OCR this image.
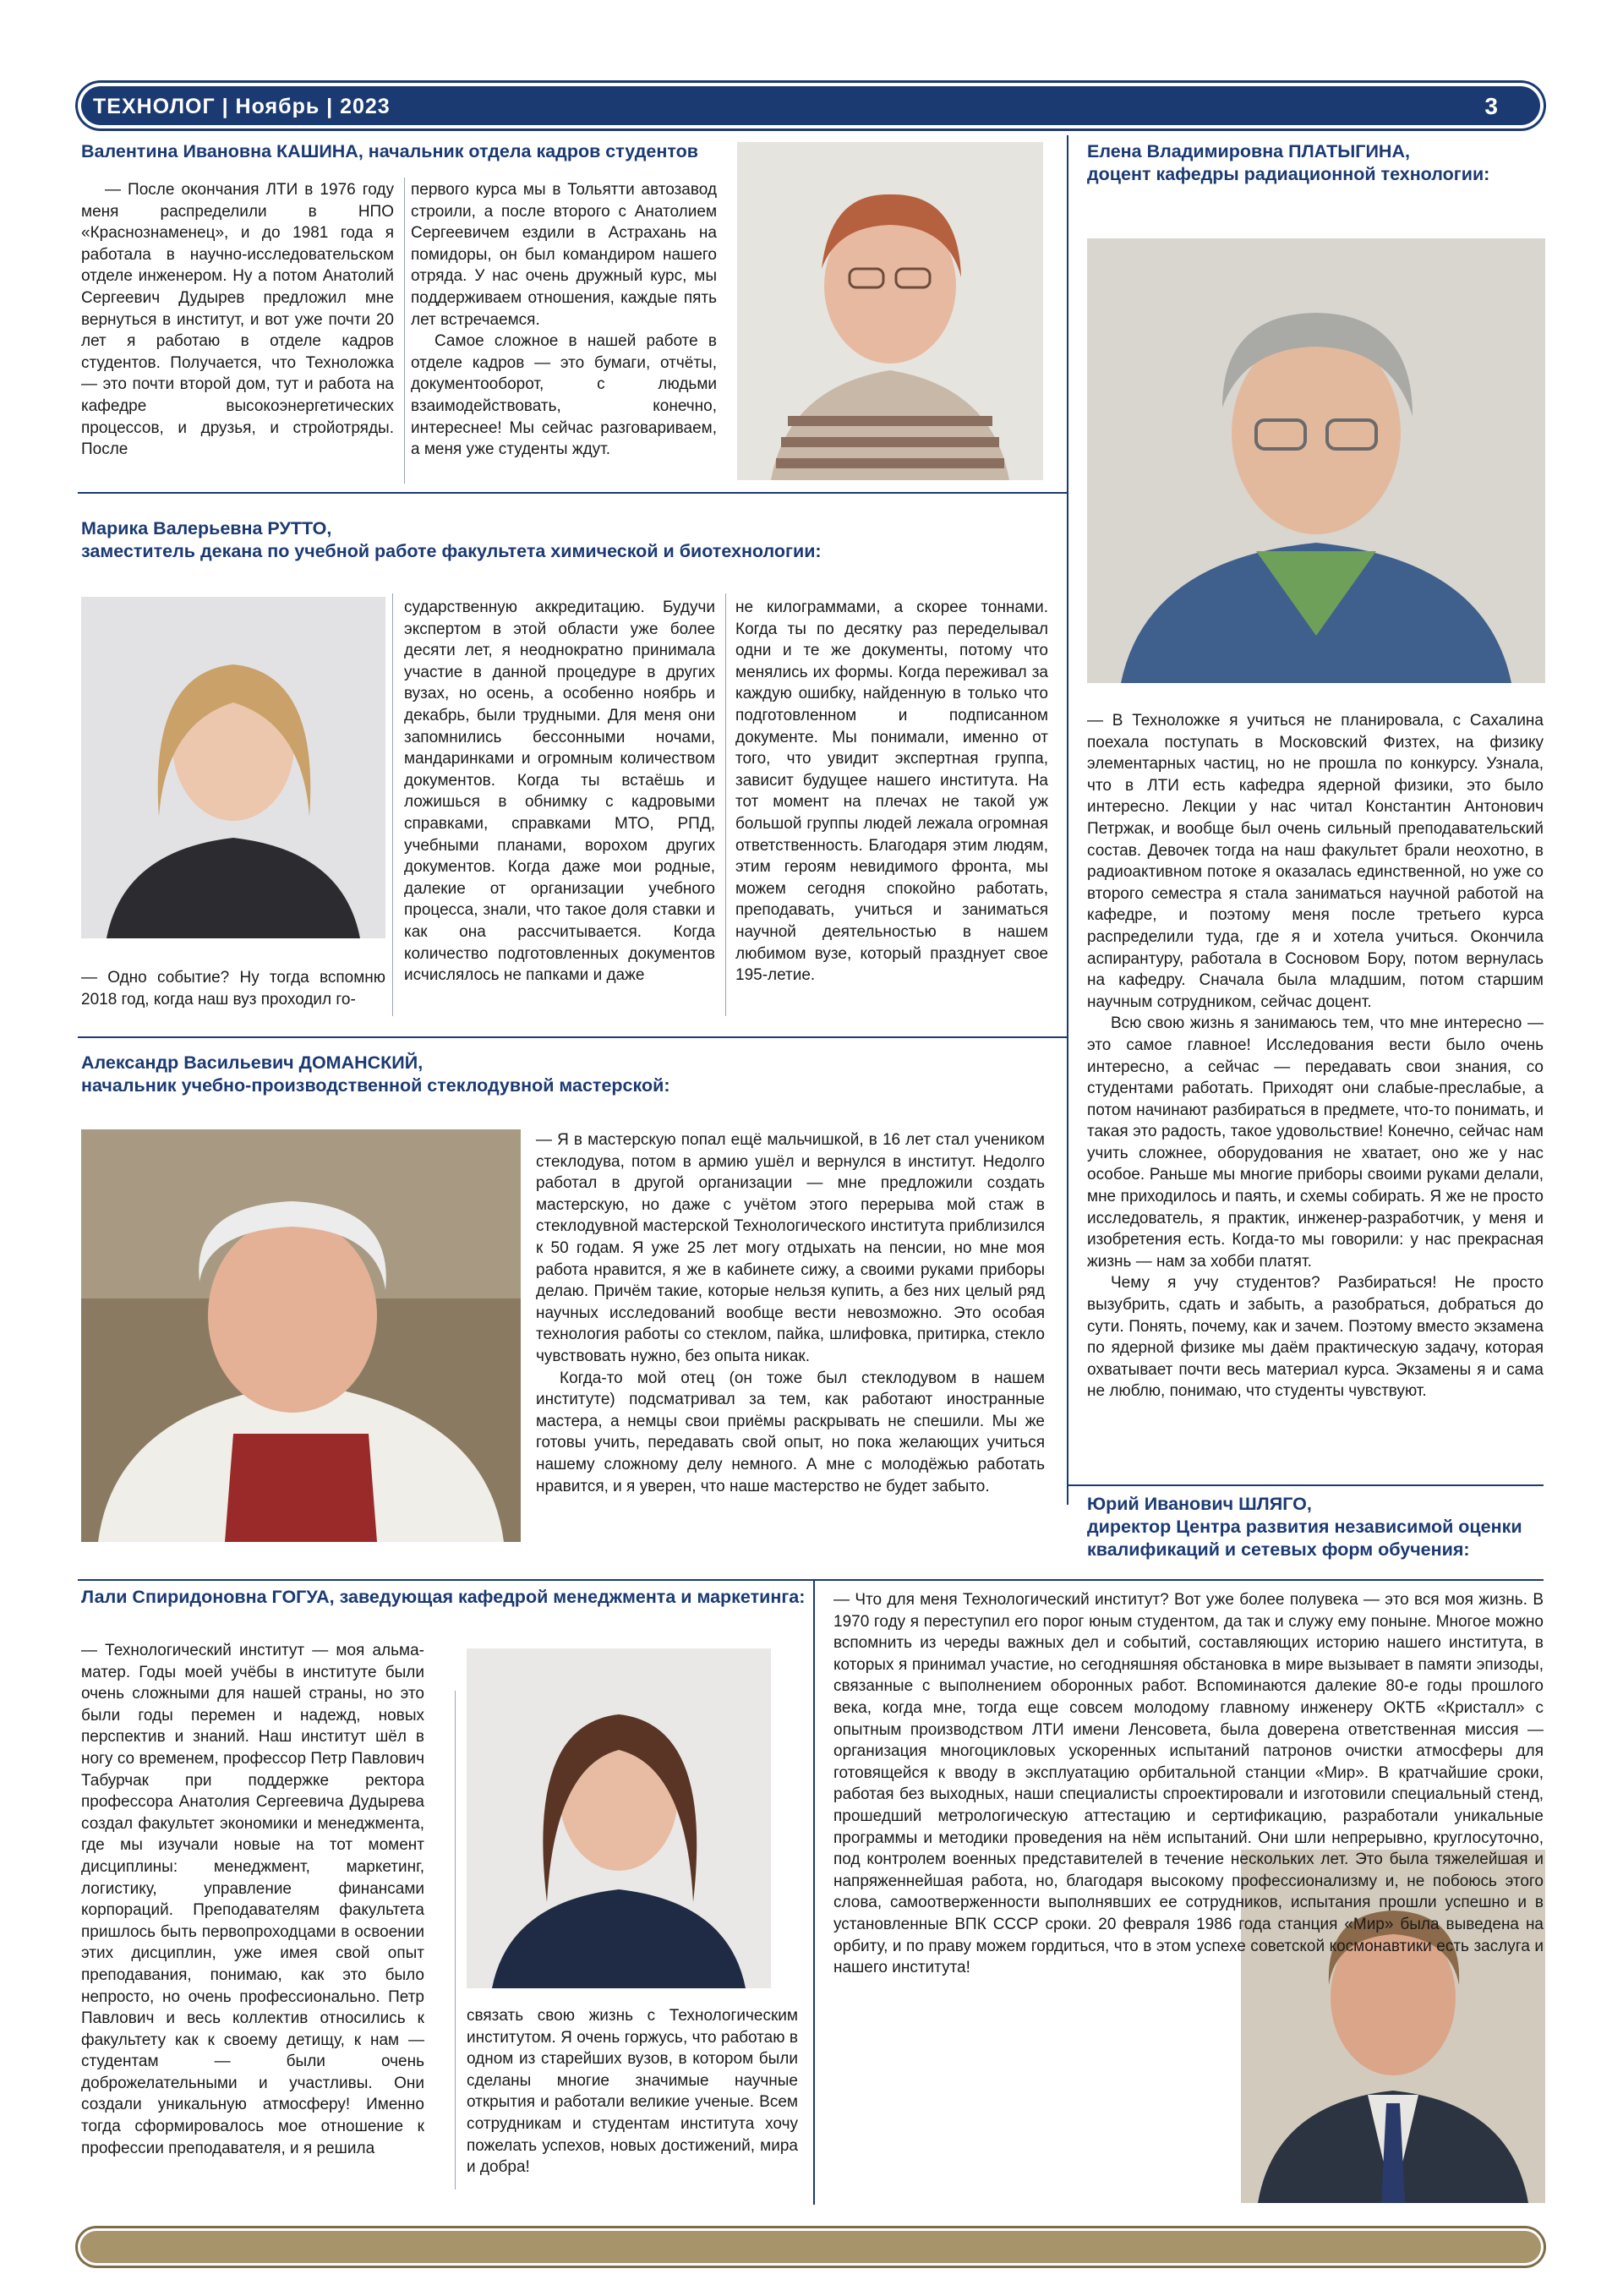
ТЕХНОЛОГ | Ноябрь | 2023	3
Валентина Ивановна КАШИНА, начальник отдела кадров студентов

— После окончания ЛТИ в 1976 году меня распределили в НПО «Краснознаменец», и до 1981 года я работала в научно-исследовательском отделе инженером. Ну а потом Анатолий Сергеевич Дудырев предложил мне вернуться в институт, и вот уже почти 20 лет я работаю в отделе кадров студентов. Получается, что Техноложка — это почти второй дом, тут и работа на кафедре высокоэнергетических процессов, и друзья, и стройотряды. После

первого курса мы в Тольятти автозавод строили, а после второго с Анатолием Сергеевичем ездили в Астрахань на помидоры, он был командиром нашего отряда. У нас очень дружный курс, мы поддерживаем отношения, каждые пять лет встречаемся.

Самое сложное в нашей работе в отделе кадров — это бумаги, отчёты, документооборот, с людьми взаимодействовать, конечно, интереснее! Мы сейчас разговариваем, а меня уже студенты ждут.

Елена Владимировна ПЛАТЫГИНА,
доцент кафедры радиационной технологии:

— В Техноложке я учиться не планировала, с Сахалина поехала поступать в Московский Физтех, на физику элементарных частиц, но не прошла по конкурсу. Узнала, что в ЛТИ есть кафедра ядерной физики, это было интересно. Лекции у нас читал Константин Антонович Петржак, и вообще был очень сильный преподавательский состав. Девочек тогда на наш факультет брали неохотно, в радиоактивном потоке я оказалась единственной, но уже со второго семестра я стала заниматься научной работой на кафедре, и поэтому меня после третьего курса распределили туда, где я и хотела учиться. Окончила аспирантуру, работала в Сосновом Бору, потом вернулась на кафедру. Сначала была младшим, потом старшим научным сотрудником, сейчас доцент.

Всю свою жизнь я занимаюсь тем, что мне интересно — это самое главное! Исследования вести было очень интересно, а сейчас — передавать свои знания, со студентами работать. Приходят они слабые-преслабые, а потом начинают разбираться в предмете, что-то понимать, и такая это радость, такое удовольствие! Конечно, сейчас нам учить сложнее, оборудования не хватает, оно же у нас особое. Раньше мы многие приборы своими руками делали, мне приходилось и паять, и схемы собирать. Я же не просто исследователь, я практик, инженер-разработчик, у меня и изобретения есть. Когда-то мы говорили: у нас прекрасная жизнь — нам за хобби платят.

Чему я учу студентов? Разбираться! Не просто вызубрить, сдать и забыть, а разобраться, добраться до сути. Понять, почему, как и зачем. Поэтому вместо экзамена по ядерной физике мы даём практическую задачу, которая охватывает почти весь материал курса. Экзамены я и сама не люблю, понимаю, что студенты чувствуют.

Марика Валерьевна РУТТО,
заместитель декана по учебной работе факультета химической и биотехнологии:

— Одно событие? Ну тогда вспомню 2018 год, когда наш вуз проходил го-

сударственную аккредитацию. Будучи экспертом в этой области уже более десяти лет, я неоднократно принимала участие в данной процедуре в других вузах, но осень, а особенно ноябрь и декабрь, были трудными. Для меня они запомнились бессонными ночами, мандаринками и огромным количеством документов. Когда ты встаёшь и ложишься в обнимку с кадровыми справками, справками МТО, РПД, учебными планами, ворохом других документов. Когда даже мои родные, далекие от организации учебного процесса, знали, что такое доля ставки и как она рассчитывается. Когда количество подготовленных документов исчислялось не папками и даже

не килограммами, а скорее тоннами. Когда ты по десятку раз переделывал одни и те же документы, потому что менялись их формы. Когда переживал за каждую ошибку, найденную в только что подготовленном и подписанном документе. Мы понимали, именно от того, что увидит экспертная группа, зависит будущее нашего института. На тот момент на плечах не такой уж большой группы людей лежала огромная ответственность. Благодаря этим людям, этим героям невидимого фронта, мы можем сегодня спокойно работать, преподавать, учиться и заниматься научной деятельностью в нашем любимом вузе, который празднует свое 195-летие.

Александр Васильевич ДОМАНСКИЙ,
начальник учебно-производственной стеклодувной мастерской:

— Я в мастерскую попал ещё мальчишкой, в 16 лет стал учеником стеклодува, потом в армию ушёл и вернулся в институт. Недолго работал в другой организации — мне предложили создать мастерскую, но даже с учётом этого перерыва мой стаж в стеклодувной мастерской Технологического института приблизился к 50 годам. Я уже 25 лет могу отдыхать на пенсии, но мне моя работа нравится, я же в кабинете сижу, а своими руками приборы делаю. Причём такие, которые нельзя купить, а без них целый ряд научных исследований вообще вести невозможно. Это особая технология работы со стеклом, пайка, шлифовка, притирка, стекло чувствовать нужно, без опыта никак.

Когда-то мой отец (он тоже был стеклодувом в нашем институте) подсматривал за тем, как работают иностранные мастера, а немцы свои приёмы раскрывать не спешили. Мы же готовы учить, передавать свой опыт, но пока желающих учиться нашему сложному делу немного. А мне с молодёжью работать нравится, и я уверен, что наше мастерство не будет забыто.

Юрий Иванович ШЛЯГО,
директор Центра развития независимой оценки
квалификаций и сетевых форм обучения:

— Что для меня Технологический институт? Вот уже более полувека — это вся моя жизнь. В 1970 году я переступил его порог юным студентом, да так и служу ему поныне. Многое можно вспомнить из череды важных дел и событий, составляющих историю нашего института, в которых я принимал участие, но сегодняшняя обстановка в мире вызывает в памяти эпизоды, связанные с выполнением оборонных работ. Вспоминаются далекие 80-е годы прошлого века, когда мне, тогда еще совсем молодому главному инженеру ОКТБ «Кристалл» с опытным производством ЛТИ имени Ленсовета, была доверена ответственная миссия — организация многоцикловых ускоренных испытаний патронов очистки атмосферы для готовящейся к вводу в эксплуатацию орбитальной станции «Мир». В кратчайшие сроки, работая без выходных, наши специалисты спроектировали и изготовили специальный стенд, прошедший метрологическую аттестацию и сертификацию, разработали уникальные программы и методики проведения на нём испытаний. Они шли непрерывно, круглосуточно, под контролем военных представителей в течение нескольких лет. Это была тяжелейшая и напряженнейшая работа, но, благодаря высокому профессионализму и, не побоюсь этого слова, самоотверженности выполнявших ее сотрудников, испытания прошли успешно и в установленные ВПК СССР сроки. 20 февраля 1986 года станция «Мир» была выведена на орбиту, и по праву можем гордиться, что в этом успехе советской космонавтики есть заслуга и нашего института!

Лали Спиридоновна ГОГУА, заведующая кафедрой менеджмента и маркетинга:

— Технологический институт — моя альма-матер. Годы моей учёбы в институте были очень сложными для нашей страны, но это были годы перемен и надежд, новых перспектив и знаний. Наш институт шёл в ногу со временем, профессор Петр Павлович Табурчак при поддержке ректора профессора Анатолия Сергеевича Дудырева создал факультет экономики и менеджмента, где мы изучали новые на тот момент дисциплины: менеджмент, маркетинг, логистику, управление финансами корпораций. Преподавателям факультета пришлось быть первопроходцами в освоении этих дисциплин, уже имея свой опыт преподавания, понимаю, как это было непросто, но очень профессионально. Петр Павлович и весь коллектив относились к факультету как к своему детищу, к нам — студентам — были очень доброжелательными и участливы. Они создали уникальную атмосферу! Именно тогда сформировалось мое отношение к профессии преподавателя, и я решила

связать свою жизнь с Технологическим институтом. Я очень горжусь, что работаю в одном из старейших вузов, в котором были сделаны многие значимые научные открытия и работали великие ученые. Всем сотрудникам и студентам института хочу пожелать успехов, новых достижений, мира и добра!
